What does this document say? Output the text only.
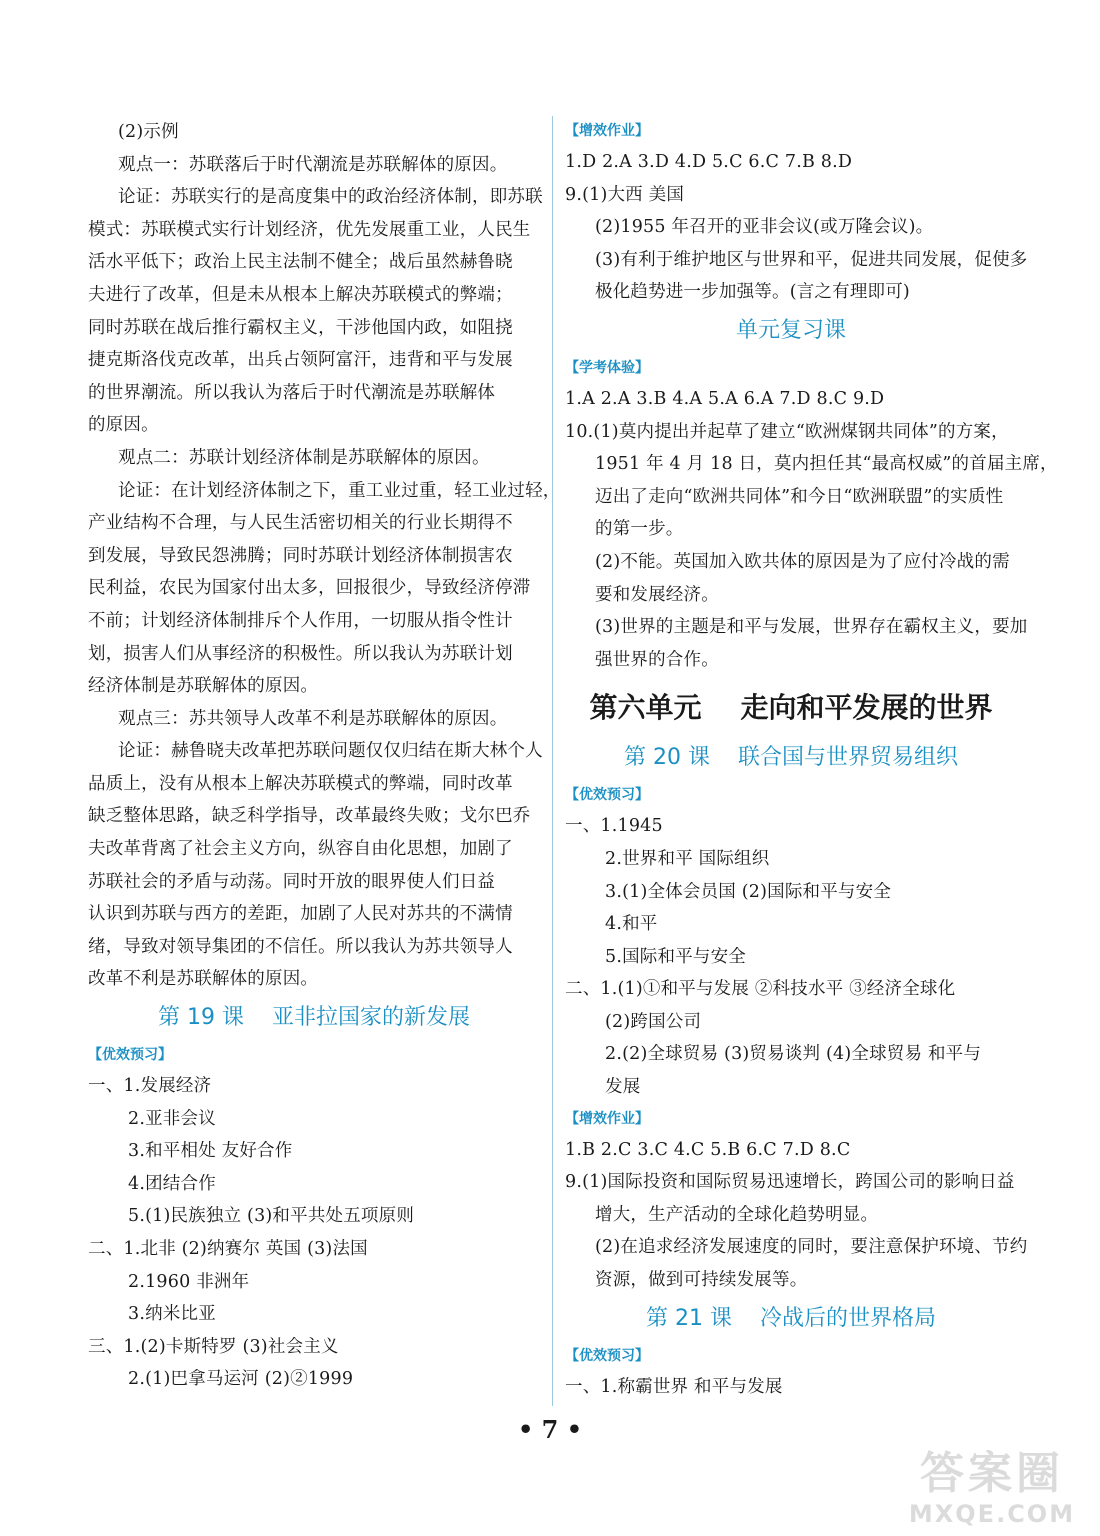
(2)示例

观点一：苏联落后于时代潮流是苏联解体的原因。

论证：苏联实行的是高度集中的政治经济体制，即苏联

模式：苏联模式实行计划经济，优先发展重工业，人民生

活水平低下；政治上民主法制不健全；战后虽然赫鲁晓

夫进行了改革，但是未从根本上解决苏联模式的弊端；

同时苏联在战后推行霸权主义，干涉他国内政，如阻挠

捷克斯洛伐克改革，出兵占领阿富汗，违背和平与发展

的世界潮流。所以我认为落后于时代潮流是苏联解体

的原因。

观点二：苏联计划经济体制是苏联解体的原因。

论证：在计划经济体制之下，重工业过重，轻工业过轻，

产业结构不合理，与人民生活密切相关的行业长期得不

到发展，导致民怨沸腾；同时苏联计划经济体制损害农

民利益，农民为国家付出太多，回报很少，导致经济停滞

不前；计划经济体制排斥个人作用，一切服从指令性计

划，损害人们从事经济的积极性。所以我认为苏联计划

经济体制是苏联解体的原因。

观点三：苏共领导人改革不利是苏联解体的原因。

论证：赫鲁晓夫改革把苏联问题仅仅归结在斯大林个人

品质上，没有从根本上解决苏联模式的弊端，同时改革

缺乏整体思路，缺乏科学指导，改革最终失败；戈尔巴乔

夫改革背离了社会主义方向，纵容自由化思想，加剧了

苏联社会的矛盾与动荡。同时开放的眼界使人们日益

认识到苏联与西方的差距，加剧了人民对苏共的不满情

绪，导致对领导集团的不信任。所以我认为苏共领导人

改革不利是苏联解体的原因。

第 19 课    亚非拉国家的新发展
【 优效预习 】

一、1.发展经济

2.亚非会议

3.和平相处 友好合作

4.团结合作

5.(1)民族独立 (3)和平共处五项原则

二、1.北非 (2)纳赛尔 英国 (3)法国

2.1960 非洲年

3.纳米比亚

三、1.(2)卡斯特罗 (3)社会主义

2.(1)巴拿马运河 (2)②1999

【 增效作业 】

1.D 2.A 3.D 4.D 5.C 6.C 7.B 8.D

9.(1)大西 美国

(2)1955 年召开的亚非会议(或万隆会议)。

(3)有利于维护地区与世界和平，促进共同发展，促使多

极化趋势进一步加强等。(言之有理即可)

单元复习课
【 学考体验 】

1.A 2.A 3.B 4.A 5.A 6.A 7.D 8.C 9.D

10.(1)莫内提出并起草了建立“欧洲煤钢共同体”的方案，

1951 年 4 月 18 日，莫内担任其“最高权威”的首届主席，

迈出了走向“欧洲共同体”和今日“欧洲联盟”的实质性

的第一步。

(2)不能。英国加入欧共体的原因是为了应付冷战的需

要和发展经济。

(3)世界的主题是和平与发展，世界存在霸权主义，要加

强世界的合作。

第六单元    走向和平发展的世界
第 20 课    联合国与世界贸易组织
【 优效预习 】

一、1.1945

2.世界和平 国际组织

3.(1)全体会员国 (2)国际和平与安全

4.和平

5.国际和平与安全

二、1.(1)①和平与发展 ②科技水平 ③经济全球化

(2)跨国公司

2.(2)全球贸易 (3)贸易谈判 (4)全球贸易 和平与

发展

【 增效作业 】

1.B 2.C 3.C 4.C 5.B 6.C 7.D 8.C

9.(1)国际投资和国际贸易迅速增长，跨国公司的影响日益

增大，生产活动的全球化趋势明显。

(2)在追求经济发展速度的同时，要注意保护环境、节约

资源，做到可持续发展等。

第 21 课    冷战后的世界格局
【 优效预习 】

一、1.称霸世界 和平与发展

• 7 •
答案圈
MXQE.COM
